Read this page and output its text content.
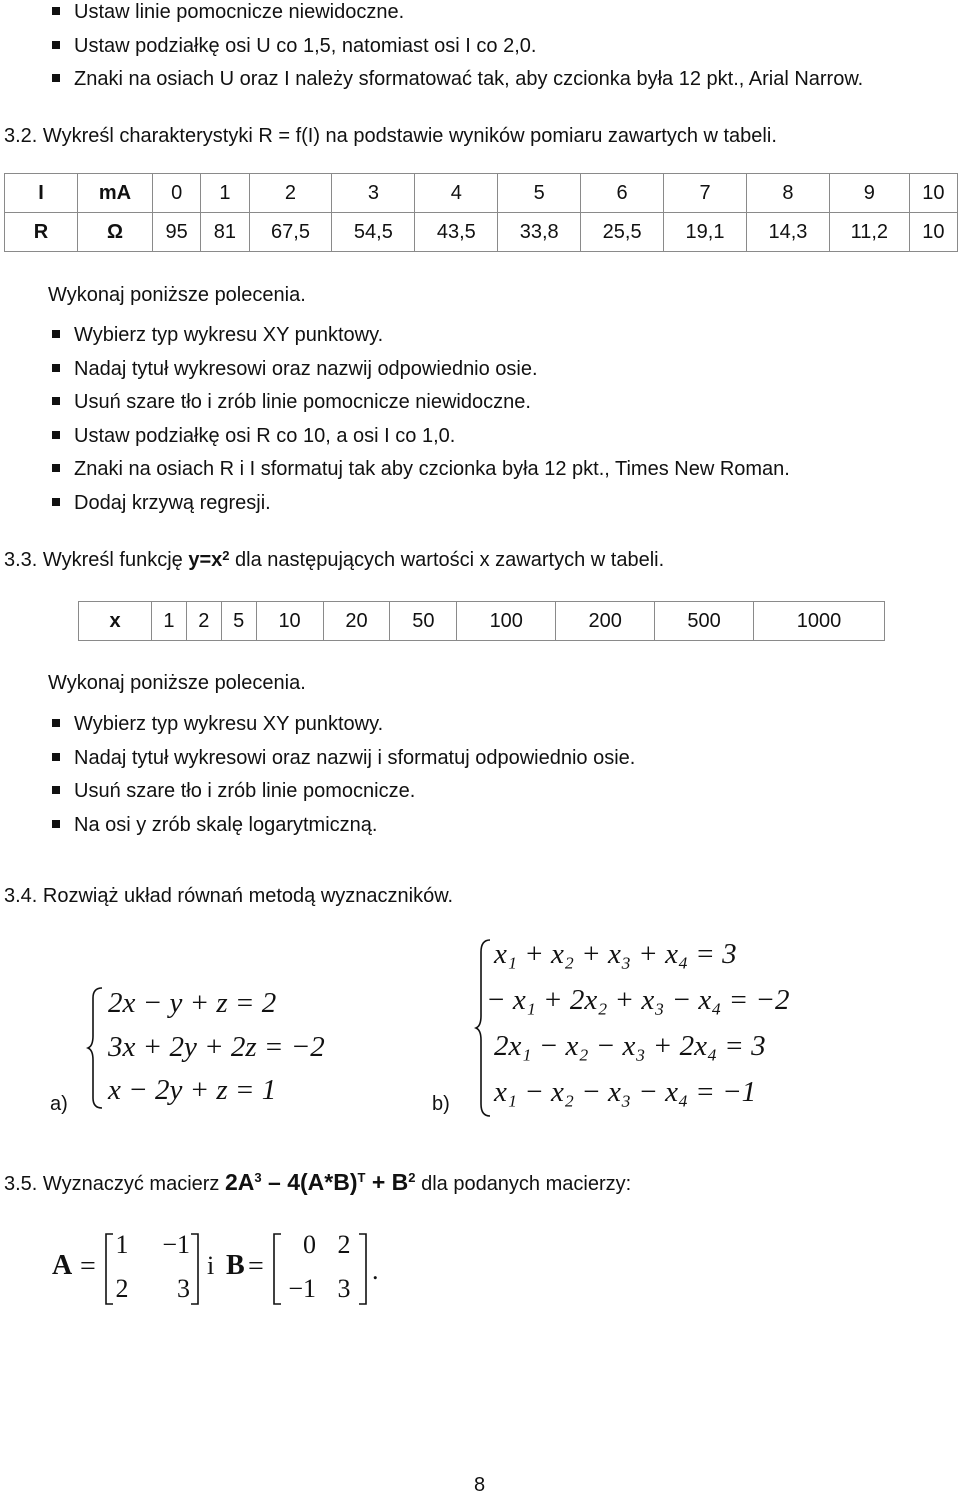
Ustaw linie pomocnicze niewidoczne.
Ustaw podziałkę osi U co 1,5, natomiast osi I co 2,0.
Znaki na osiach U oraz I należy sformatować tak, aby czcionka była 12 pkt., Arial Narrow.
3.2. Wykreśl charakterystyki R = f(I) na podstawie wyników pomiaru zawartych w tabeli.
I	mA	0	1	2	3	4	5	6	7	8	9	10
R	Ω	95	81	67,5	54,5	43,5	33,8	25,5	19,1	14,3	11,2	10
Wykonaj poniższe polecenia.
Wybierz typ wykresu XY punktowy.
Nadaj tytuł wykresowi oraz nazwij odpowiednio osie.
Usuń szare tło i zrób linie pomocnicze niewidoczne.
Ustaw podziałkę osi R co 10, a osi I co 1,0.
Znaki na osiach R i I sformatuj tak aby czcionka była 12 pkt., Times New Roman.
Dodaj krzywą regresji.
3.3. Wykreśl funkcję $y=x^2$ dla następujących wartości x zawartych w tabeli.
x	1	2	5	10	20	50	100	200	500	1000
Wykonaj poniższe polecenia.
Wybierz typ wykresu XY punktowy.
Nadaj tytuł wykresowi oraz nazwij i sformatuj odpowiednio osie.
Usuń szare tło i zrób linie pomocnicze.
Na osi y zrób skalę logarytmiczną.
3.4. Rozwiąż układ równań metodą wyznaczników.
a)
2x − y + z = 2
3x + 2y + 2z = −2
x − 2y + z = 1	b)
x₁ + x₂ + x₃ + x₄ = 3
− x₁ + 2x₂ + x₃ − x₄ = −2
2x₁ − x₂ − x₃ + 2x₄ = 3
x₁ − x₂ − x₃ − x₄ = −1
3.5. Wyznaczyć macierz $2A^3 - 4(A*B)^T + B^2$ dla podanych macierzy:
A =
1	−1
2	3
i B =
0 2
−1 3
.
8
